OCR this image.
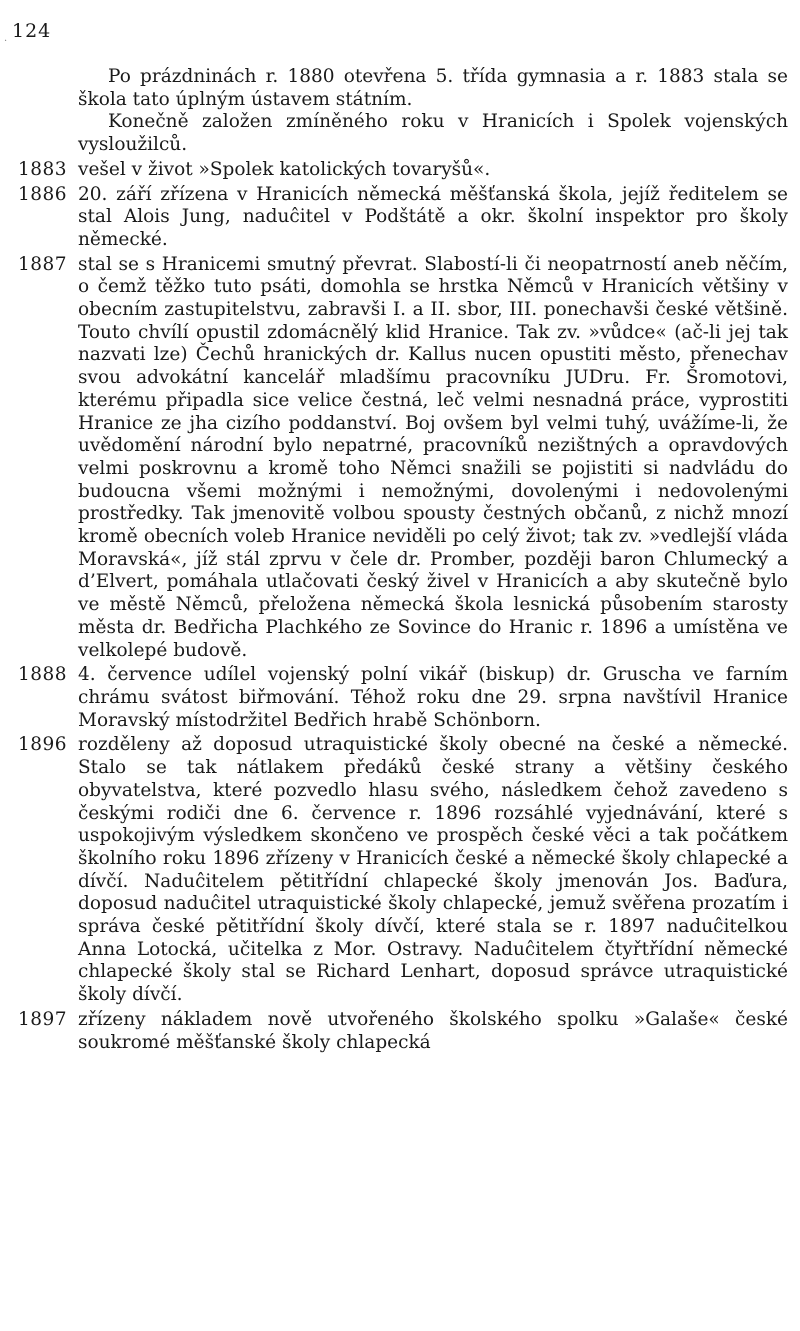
124
·

Po prázdninách r. 1880 otevřena 5. třída gymnasia a r. 1883 stala se škola tato úplným ústavem státním.

Konečně založen zmíněného roku v Hranicích i Spolek vojenských vysloužilců.

1883 vešel v život »Spolek katolických tovaryšů«.

1886 20. září zřízena v Hranicích německá měšťanská škola, jejíž ředitelem se stal Alois Jung, naduĉitel v Podštátě a okr. školní inspektor pro školy německé.

1887 stal se s Hranicemi smutný převrat. Slabostí-li či neopatrností aneb něčím, o čemž těžko tuto psáti, domohla se hrstka Němců v Hranicích většiny v obecním zastupitelstvu, zabravši I. a II. sbor, III. ponechavši české většině. Touto chvílí opustil zdomácnělý klid Hranice. Tak zv. »vůdce« (ač-li jej tak nazvati lze) Čechů hranických dr. Kallus nucen opustiti město, přenechav svou advokátní kancelář mladšímu pracovníku JUDru. Fr. Šromotovi, kterému připadla sice velice čestná, leč velmi nesnadná práce, vyprostiti Hranice ze jha cizího poddanství. Boj ovšem byl velmi tuhý, uvážíme-li, že uvědomění národní bylo nepatrné, pracovníků nezištných a opravdových velmi poskrovnu a kromě toho Němci snažili se pojistiti si nadvládu do budoucna všemi možnými i nemožnými, dovolenými i nedovolenými prostředky. Tak jmenovitě volbou spousty čestných občanů, z nichž mnozí kromě obecních voleb Hranice neviděli po celý život; tak zv. »vedlejší vláda Moravská«, jíž stál zprvu v čele dr. Promber, později baron Chlumecký a d’Elvert, pomáhala utlačovati český živel v Hranicích a aby skutečně bylo ve městě Němců, přeložena německá škola lesnická působením starosty města dr. Bedřicha Plachkého ze Sovince do Hranic r. 1896 a umístěna ve velkolepé budově.

1888 4. července udílel vojenský polní vikář (biskup) dr. Gruscha ve farním chrámu svátost biřmování. Téhož roku dne 29. srpna navštívil Hranice Moravský místodržitel Bedřich hrabě Schönborn.

1896 rozděleny až doposud utraquistické školy obecné na české a německé. Stalo se tak nátlakem předáků české strany a většiny českého obyvatelstva, které pozvedlo hlasu svého, následkem čehož zavedeno s českými rodiči dne 6. července r. 1896 rozsáhlé vyjednávání, které s uspokojivým výsledkem skončeno ve prospěch české věci a tak počátkem školního roku 1896 zřízeny v Hranicích české a německé školy chlapecké a dívčí. Naduĉitelem pětitřídní chlapecké školy jmenován Jos. Baďura, doposud naduĉitel utraquistické školy chlapecké, jemuž svěřena prozatím i správa české pětitřídní školy dívčí, které stala se r. 1897 naduĉitelkou Anna Lotocká, učitelka z Mor. Ostravy. Naduĉitelem čtyřtřídní německé chlapecké školy stal se Richard Lenhart, doposud správce utraquistické školy dívčí.

1897 zřízeny nákladem nově utvořeného školského spolku »Galaše« české soukromé měšťanské školy chlapecká
